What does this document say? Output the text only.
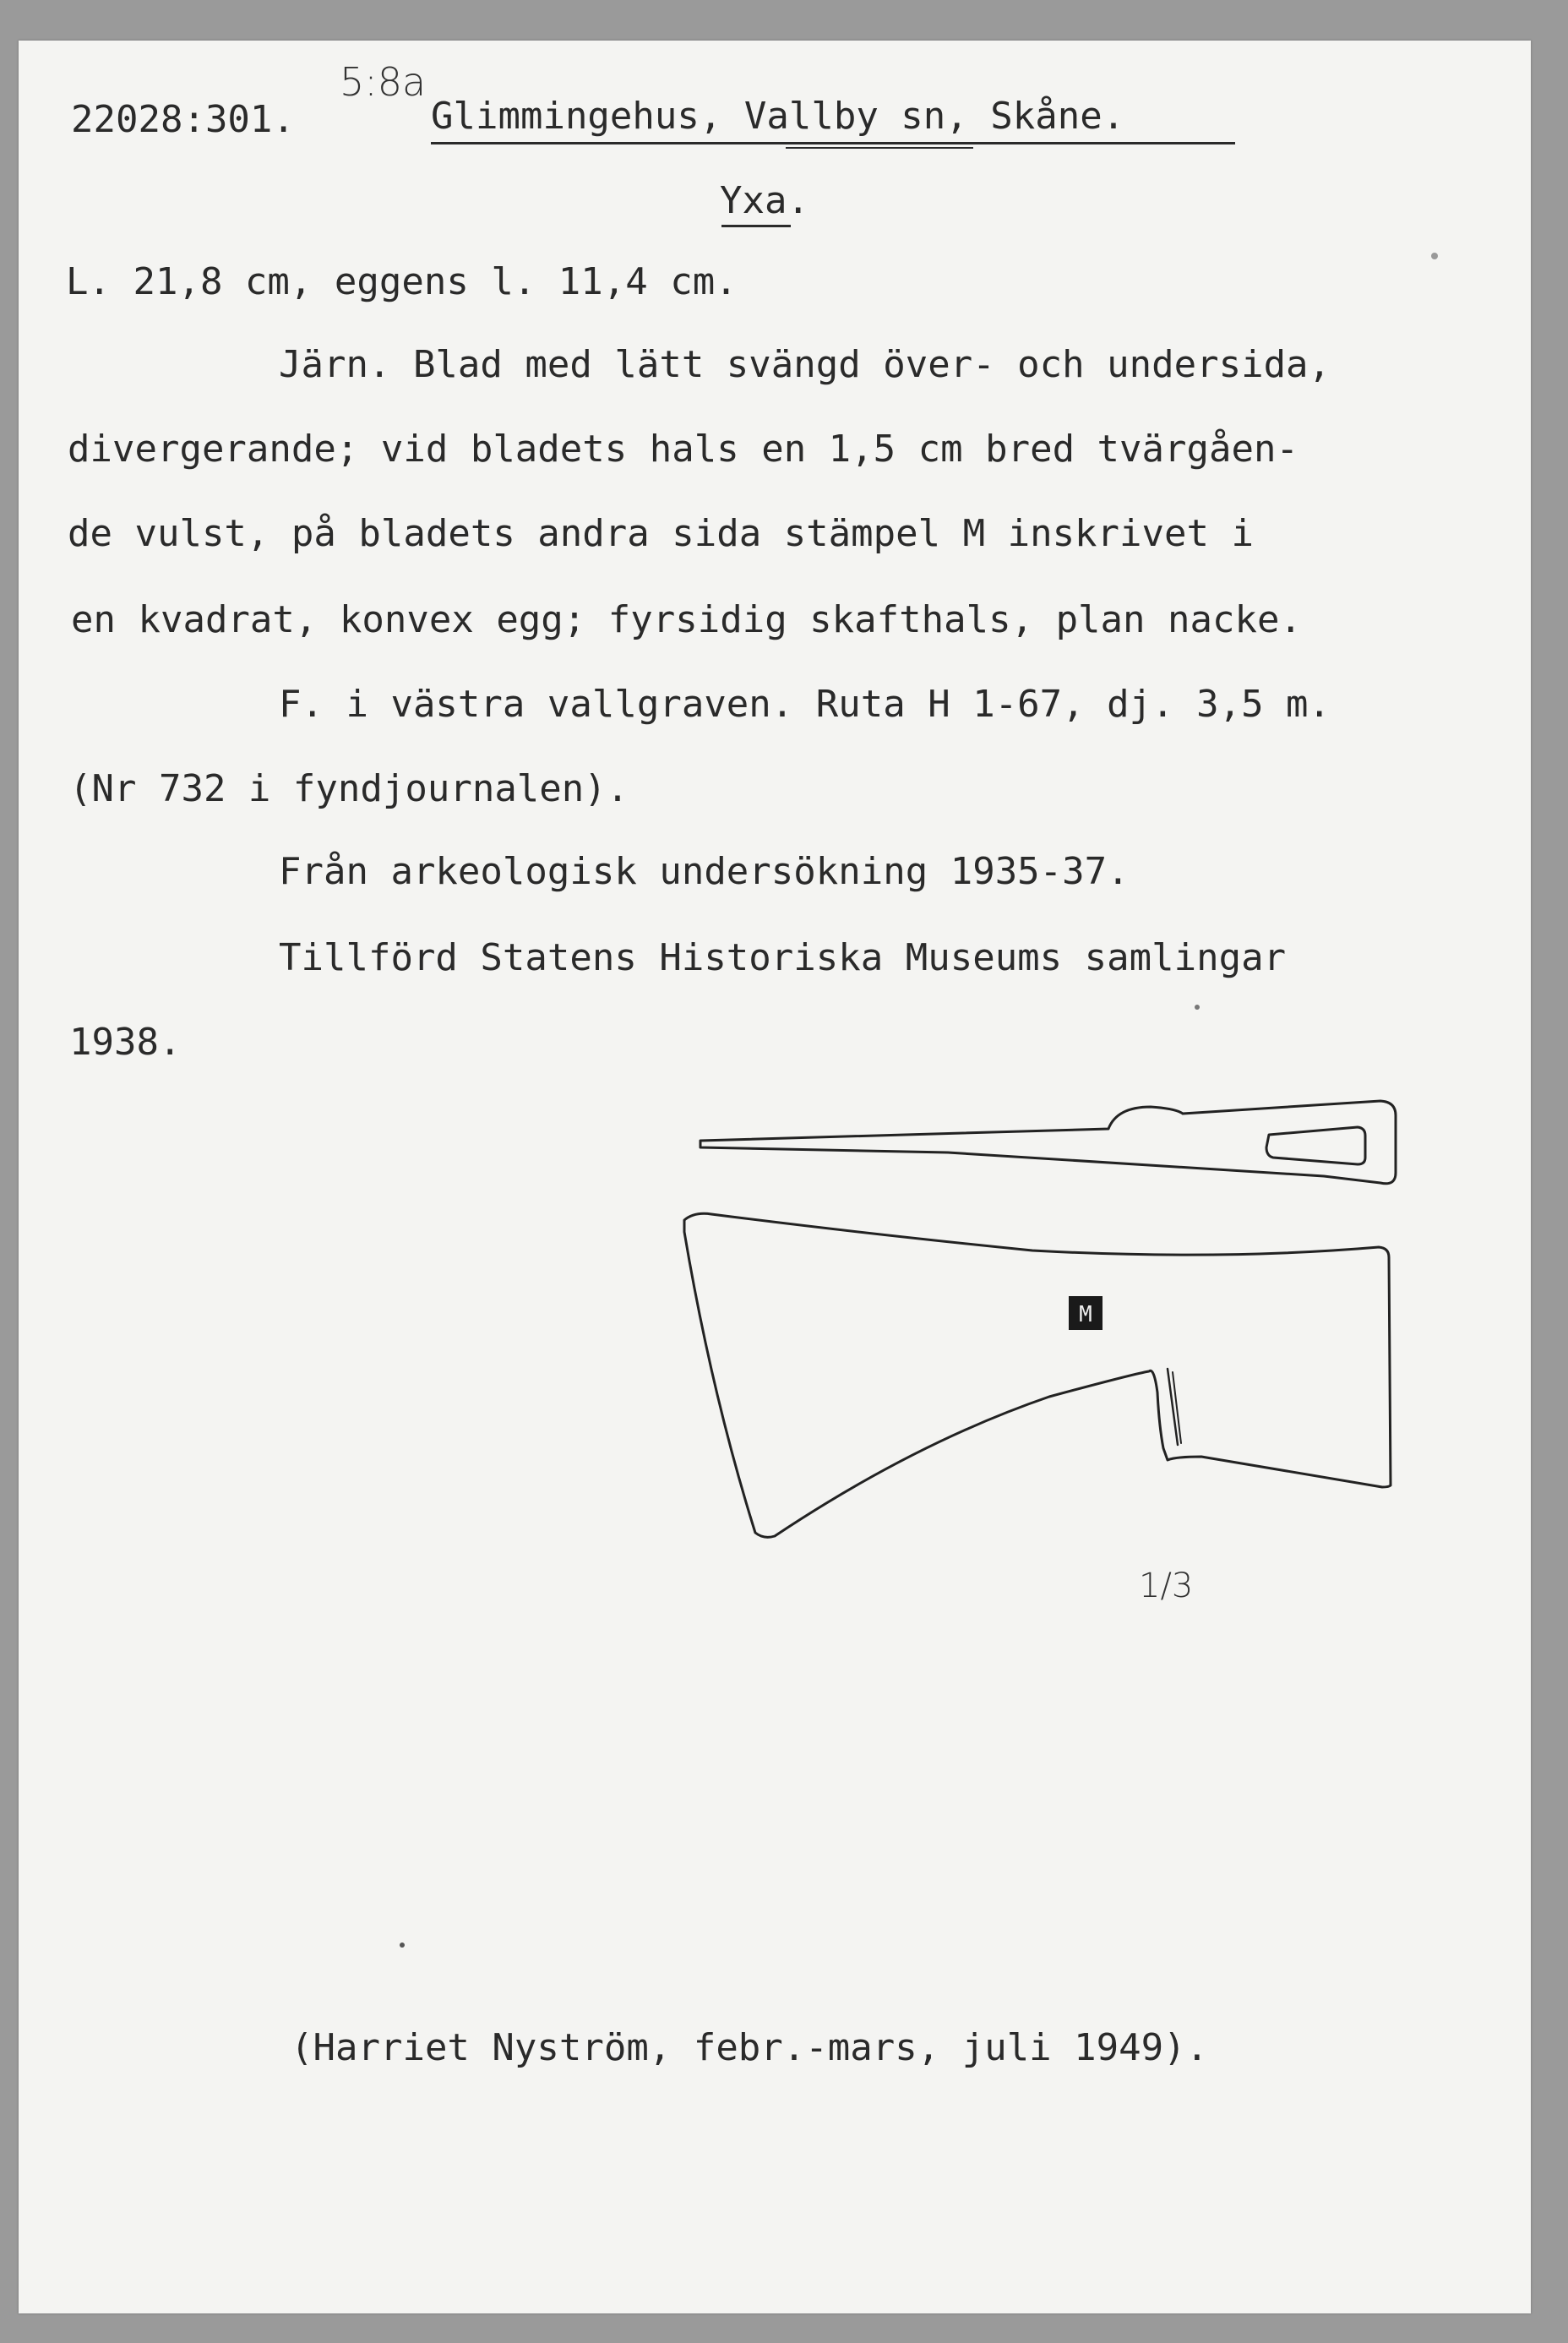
22028:301.
5:8a
Glimmingehus, Vallby sn, Skåne.
Yxa.
L. 21,8 cm, eggens l. 11,4 cm.
Järn. Blad med lätt svängd över- och undersida,
divergerande; vid bladets hals en 1,5 cm bred tvärgåen-
de vulst, på bladets andra sida stämpel M inskrivet i
en kvadrat, konvex egg; fyrsidig skafthals, plan nacke.
F. i västra vallgraven. Ruta H 1-67, dj. 3,5 m.
(Nr 732 i fyndjournalen).
Från arkeologisk undersökning 1935-37.
Tillförd Statens Historiska Museums samlingar
1938.
M
1/3
(Harriet Nyström, febr.-mars, juli 1949).
